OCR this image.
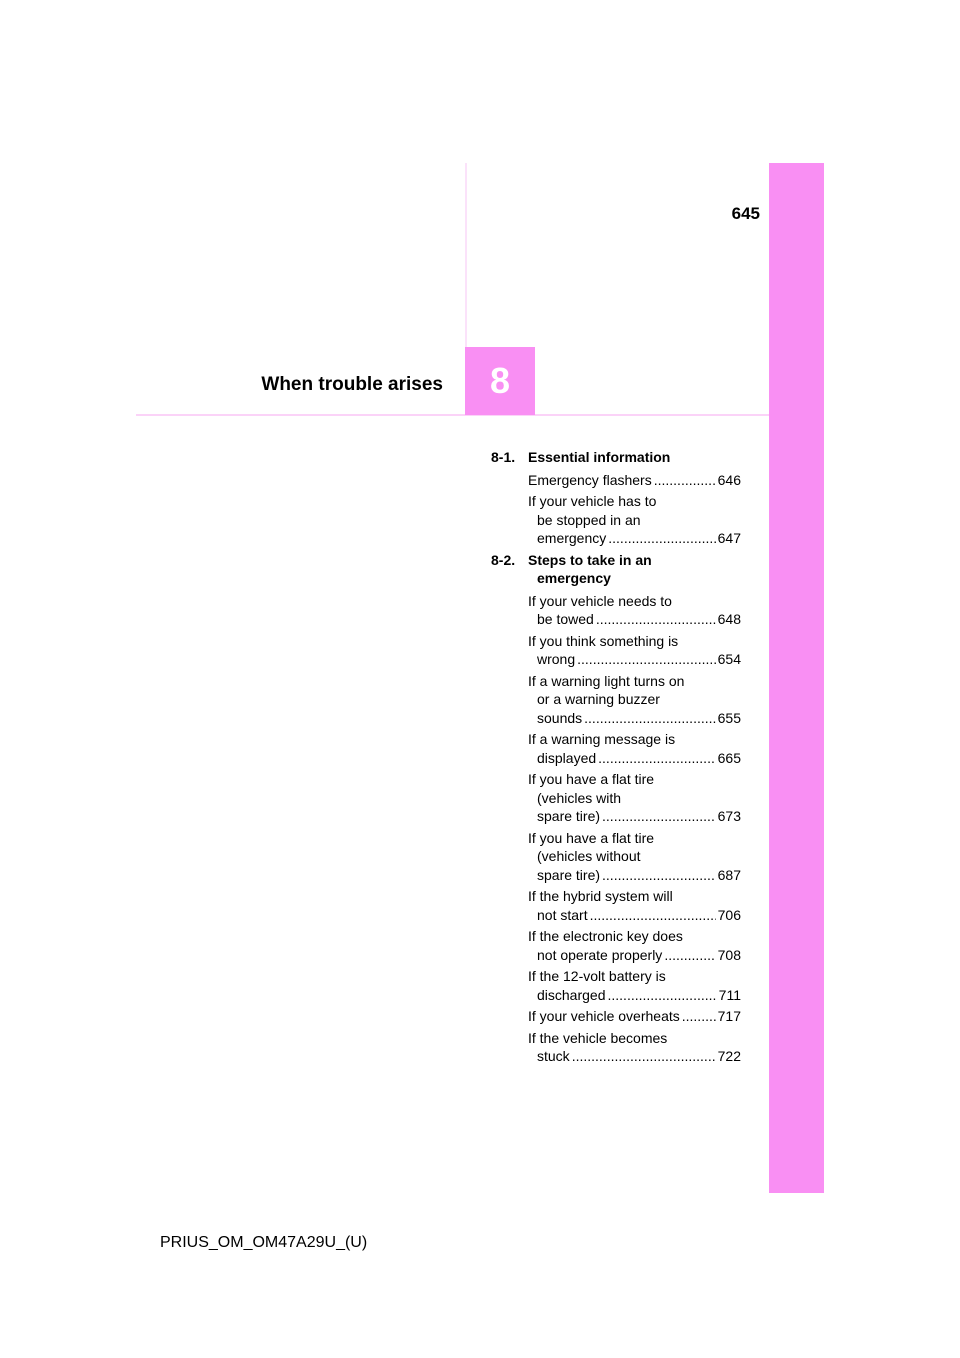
645
When trouble arises 8
8-1. Essential information
Emergency flashers .....	646
If your vehicle has to
be stopped in an
emergency .....	647
8-2. Steps to take in an
emergency
If your vehicle needs to
be towed .....	648
If you think something is
wrong .....	654
If a warning light turns on
or a warning buzzer
sounds .....	655
If a warning message is
displayed .....	665
If you have a flat tire
(vehicles with
spare tire) .....	673
If you have a flat tire
(vehicles without
spare tire) .....	687
If the hybrid system will
not start .....	706
If the electronic key does
not operate properly .....	708
If the 12-volt battery is
discharged .....	711
If your vehicle overheats .....	717
If the vehicle becomes
stuck .....	722
PRIUS_OM_OM47A29U_(U)
